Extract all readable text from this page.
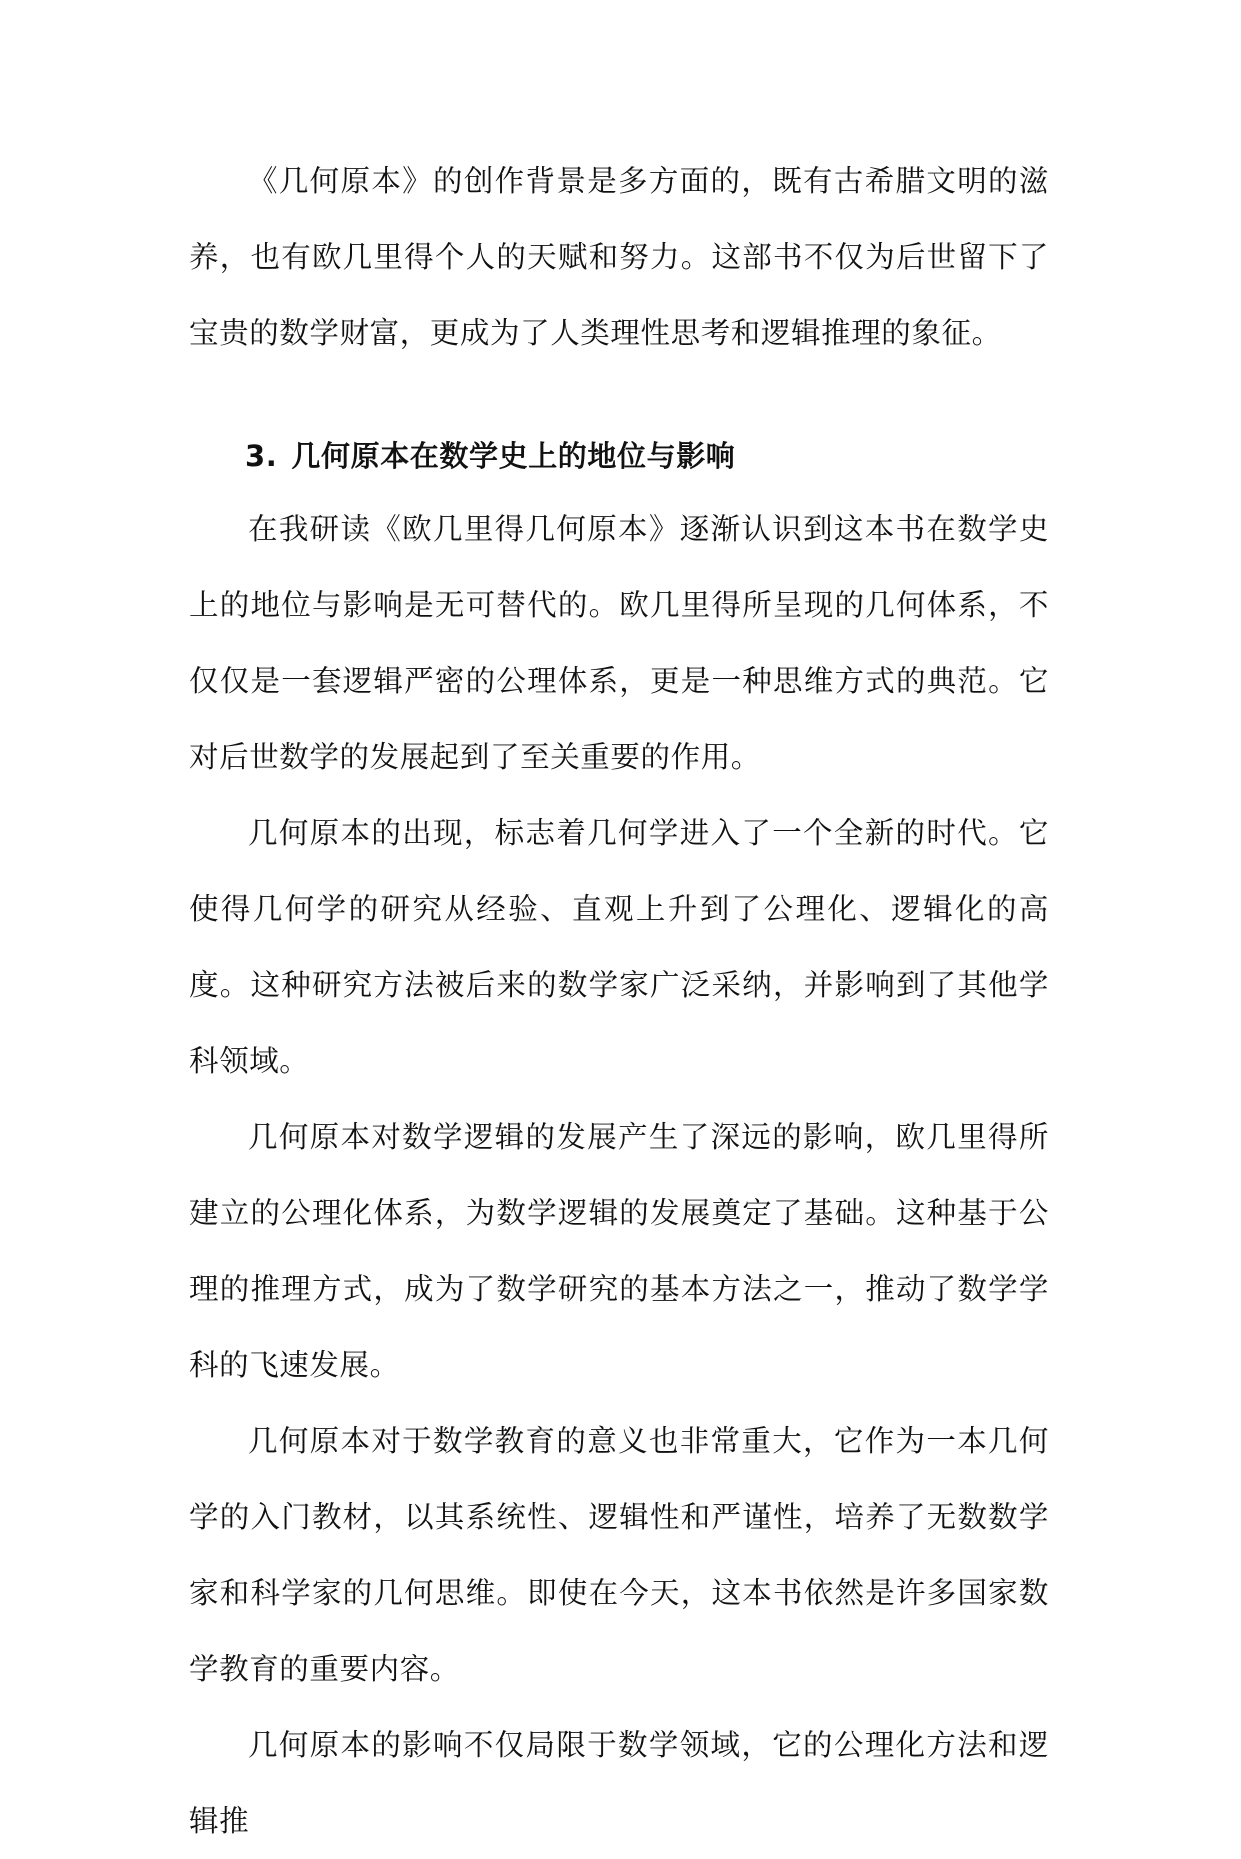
《几何原本》的创作背景是多方面的，既有古希腊文明的滋养，也有欧几里得个人的天赋和努力。这部书不仅为后世留下了宝贵的数学财富，更成为了人类理性思考和逻辑推理的象征。

3. 几何原本在数学史上的地位与影响

在我研读《欧几里得几何原本》逐渐认识到这本书在数学史上的地位与影响是无可替代的。欧几里得所呈现的几何体系，不仅仅是一套逻辑严密的公理体系，更是一种思维方式的典范。它对后世数学的发展起到了至关重要的作用。

几何原本的出现，标志着几何学进入了一个全新的时代。它使得几何学的研究从经验、直观上升到了公理化、逻辑化的高度。这种研究方法被后来的数学家广泛采纳，并影响到了其他学科领域。

几何原本对数学逻辑的发展产生了深远的影响，欧几里得所建立的公理化体系，为数学逻辑的发展奠定了基础。这种基于公理的推理方式，成为了数学研究的基本方法之一，推动了数学学科的飞速发展。

几何原本对于数学教育的意义也非常重大，它作为一本几何学的入门教材，以其系统性、逻辑性和严谨性，培养了无数数学家和科学家的几何思维。即使在今天，这本书依然是许多国家数学教育的重要内容。

几何原本的影响不仅局限于数学领域，它的公理化方法和逻辑推
